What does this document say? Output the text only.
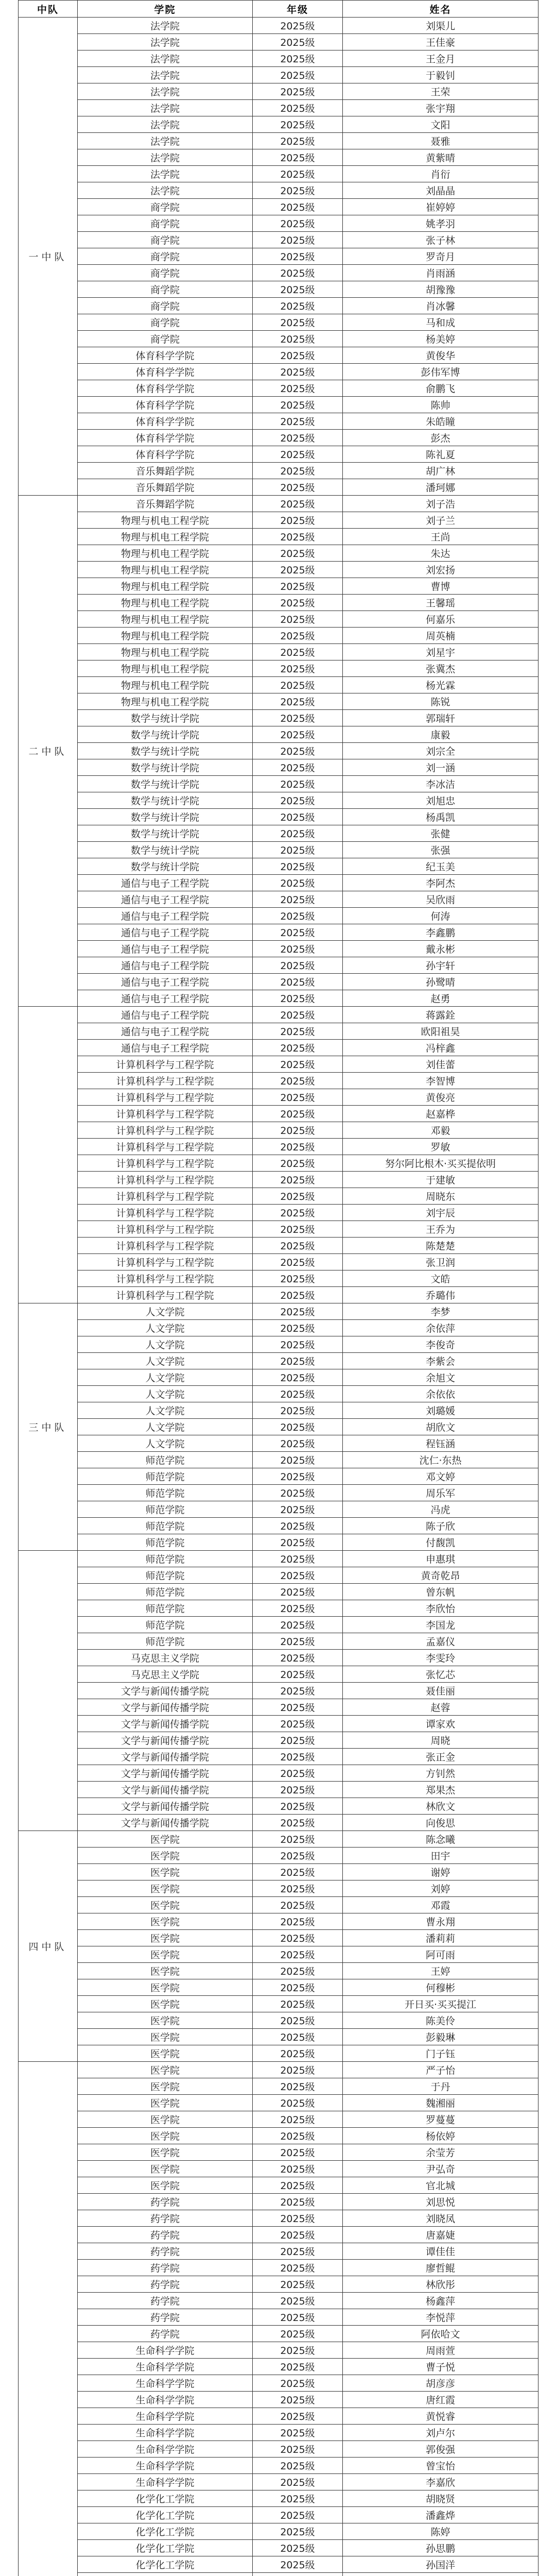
中队	学院	年级	姓名
一中队	法学院	2025级	刘渠儿
	法学院	2025级	王佳豪
	法学院	2025级	王金月
	法学院	2025级	于毅钊
	法学院	2025级	王荣
	法学院	2025级	张宇翔
	法学院	2025级	文阳
	法学院	2025级	聂雅
	法学院	2025级	黄紫晴
	法学院	2025级	肖衍
	法学院	2025级	刘晶晶
	商学院	2025级	崔婷婷
	商学院	2025级	姚孝羽
	商学院	2025级	张子林
	商学院	2025级	罗奇月
	商学院	2025级	肖雨涵
	商学院	2025级	胡豫豫
	商学院	2025级	肖冰馨
	商学院	2025级	马和成
	商学院	2025级	杨美婷
	体育科学学院	2025级	黄俊华
	体育科学学院	2025级	彭伟军博
	体育科学学院	2025级	俞鹏飞
	体育科学学院	2025级	陈帅
	体育科学学院	2025级	朱皓瞳
	体育科学学院	2025级	彭杰
	体育科学学院	2025级	陈礼夏
	音乐舞蹈学院	2025级	胡广林
	音乐舞蹈学院	2025级	潘珂娜
二中队	音乐舞蹈学院	2025级	刘子浩
	物理与机电工程学院	2025级	刘子兰
	物理与机电工程学院	2025级	王尚
	物理与机电工程学院	2025级	朱达
	物理与机电工程学院	2025级	刘宏扬
	物理与机电工程学院	2025级	曹博
	物理与机电工程学院	2025级	王馨瑶
	物理与机电工程学院	2025级	何嘉乐
	物理与机电工程学院	2025级	周英楠
	物理与机电工程学院	2025级	刘星宇
	物理与机电工程学院	2025级	张冀杰
	物理与机电工程学院	2025级	杨光霖
	物理与机电工程学院	2025级	陈锐
	数学与统计学院	2025级	郭瑞轩
	数学与统计学院	2025级	康毅
	数学与统计学院	2025级	刘宗全
	数学与统计学院	2025级	刘一涵
	数学与统计学院	2025级	李冰洁
	数学与统计学院	2025级	刘旭忠
	数学与统计学院	2025级	杨禹凯
	数学与统计学院	2025级	张健
	数学与统计学院	2025级	张强
	数学与统计学院	2025级	纪玉美
	通信与电子工程学院	2025级	李阿杰
	通信与电子工程学院	2025级	吴欣雨
	通信与电子工程学院	2025级	何涛
	通信与电子工程学院	2025级	李鑫鹏
	通信与电子工程学院	2025级	戴永彬
	通信与电子工程学院	2025级	孙宇轩
	通信与电子工程学院	2025级	孙鹭晴
	通信与电子工程学院	2025级	赵勇
	通信与电子工程学院	2025级	蒋露銓
	通信与电子工程学院	2025级	欧阳祖昊
	通信与电子工程学院	2025级	冯梓鑫
	计算机科学与工程学院	2025级	刘佳蕾
	计算机科学与工程学院	2025级	李智博
	计算机科学与工程学院	2025级	黄俊亮
	计算机科学与工程学院	2025级	赵嘉桦
	计算机科学与工程学院	2025级	邓毅
	计算机科学与工程学院	2025级	罗敏
	计算机科学与工程学院	2025级	努尔阿比根木·买买提依明
	计算机科学与工程学院	2025级	于建敏
	计算机科学与工程学院	2025级	周晓东
	计算机科学与工程学院	2025级	刘宇辰
	计算机科学与工程学院	2025级	王乔为
	计算机科学与工程学院	2025级	陈楚楚
	计算机科学与工程学院	2025级	张卫润
	计算机科学与工程学院	2025级	文皓
	计算机科学与工程学院	2025级	乔璐伟
三中队	人文学院	2025级	李梦
	人文学院	2025级	余依萍
	人文学院	2025级	李俊奇
	人文学院	2025级	李紫会
	人文学院	2025级	余旭文
	人文学院	2025级	余依依
	人文学院	2025级	刘璐媛
	人文学院	2025级	胡欣文
	人文学院	2025级	程钰涵
	师范学院	2025级	沈仁·东热
	师范学院	2025级	邓文婷
	师范学院	2025级	周乐军
	师范学院	2025级	冯虎
	师范学院	2025级	陈子欣
	师范学院	2025级	付馥凯
	师范学院	2025级	申惠琪
	师范学院	2025级	黄奇乾昂
	师范学院	2025级	曾东帆
	师范学院	2025级	李欣怡
	师范学院	2025级	李国龙
	师范学院	2025级	孟嘉仪
	马克思主义学院	2025级	李雯玲
	马克思主义学院	2025级	张忆芯
	文学与新闻传播学院	2025级	聂佳丽
	文学与新闻传播学院	2025级	赵蓉
	文学与新闻传播学院	2025级	谭家欢
	文学与新闻传播学院	2025级	周晓
	文学与新闻传播学院	2025级	张正金
	文学与新闻传播学院	2025级	方钊然
	文学与新闻传播学院	2025级	郑果杰
	文学与新闻传播学院	2025级	林欣文
	文学与新闻传播学院	2025级	向俊思
四中队	医学院	2025级	陈念曦
	医学院	2025级	田宇
	医学院	2025级	谢婷
	医学院	2025级	刘婷
	医学院	2025级	邓霞
	医学院	2025级	曹永翔
	医学院	2025级	潘莉莉
	医学院	2025级	阿可雨
	医学院	2025级	王婷
	医学院	2025级	何穆彬
	医学院	2025级	开日买·买买提江
	医学院	2025级	陈美伶
	医学院	2025级	彭毅琳
	医学院	2025级	门子钰
	医学院	2025级	严子怡
	医学院	2025级	于丹
	医学院	2025级	魏湘丽
	医学院	2025级	罗蔓蔓
	医学院	2025级	杨依婷
	医学院	2025级	余莹芳
	医学院	2025级	尹弘奇
	医学院	2025级	官北城
	药学院	2025级	刘思悦
	药学院	2025级	刘晓凤
	药学院	2025级	唐嘉婕
	药学院	2025级	谭佳佳
	药学院	2025级	廖哲鲲
	药学院	2025级	林欣彤
	药学院	2025级	杨鑫萍
	药学院	2025级	李悦萍
	药学院	2025级	阿依哈文
	生命科学学院	2025级	周雨萱
	生命科学学院	2025级	曹子悦
	生命科学学院	2025级	胡彦彦
	生命科学学院	2025级	唐红霞
	生命科学学院	2025级	黄悦睿
	生命科学学院	2025级	刘卢尔
	生命科学学院	2025级	郭俊强
	生命科学学院	2025级	曾宝怡
	生命科学学院	2025级	李嘉欣
	化学化工学院	2025级	胡晓贤
	化学化工学院	2025级	潘鑫烨
	化学化工学院	2025级	陈婷
	化学化工学院	2025级	孙思鹏
	化学化工学院	2025级	孙国洋
